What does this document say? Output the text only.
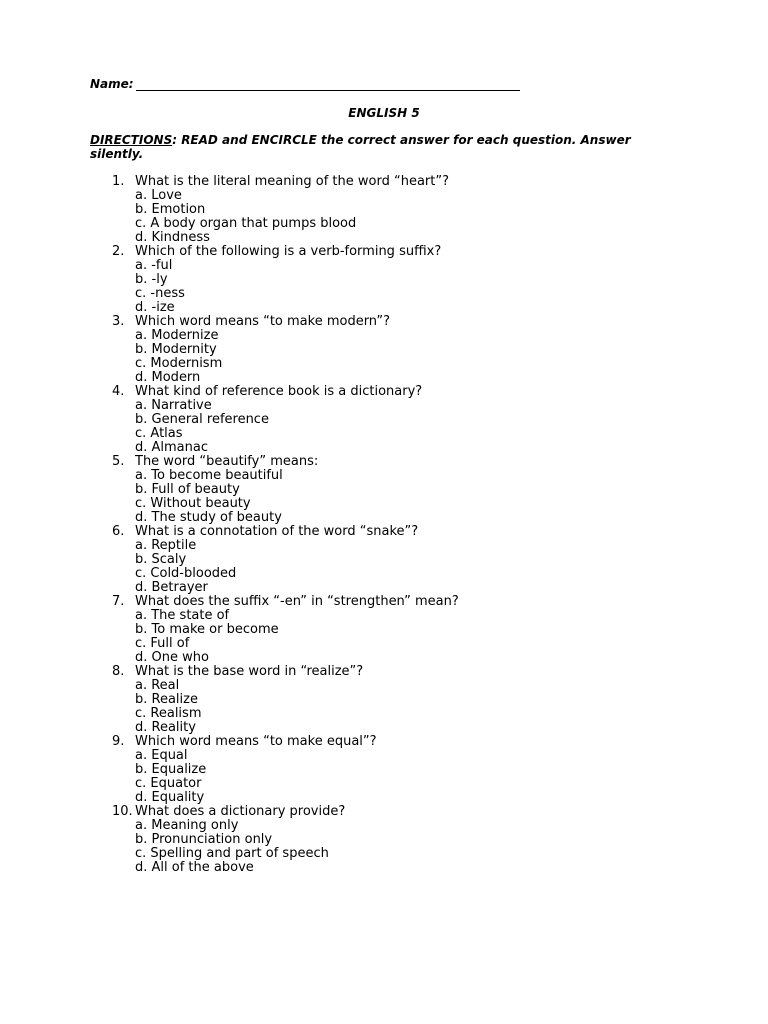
Name:
ENGLISH 5
DIRECTIONS: READ and ENCIRCLE the correct answer for each question. Answer silently.
1. What is the literal meaning of the word “heart”?
a. Love
b. Emotion
c. A body organ that pumps blood
d. Kindness
2. Which of the following is a verb-forming suffix?
a. -ful
b. -ly
c. -ness
d. -ize
3. Which word means “to make modern”?
a. Modernize
b. Modernity
c. Modernism
d. Modern
4. What kind of reference book is a dictionary?
a. Narrative
b. General reference
c. Atlas
d. Almanac
5. The word “beautify” means:
a. To become beautiful
b. Full of beauty
c. Without beauty
d. The study of beauty
6. What is a connotation of the word “snake”?
a. Reptile
b. Scaly
c. Cold-blooded
d. Betrayer
7. What does the suffix “-en” in “strengthen” mean?
a. The state of
b. To make or become
c. Full of
d. One who
8. What is the base word in “realize”?
a. Real
b. Realize
c. Realism
d. Reality
9. Which word means “to make equal”?
a. Equal
b. Equalize
c. Equator
d. Equality
10. What does a dictionary provide?
a. Meaning only
b. Pronunciation only
c. Spelling and part of speech
d. All of the above
